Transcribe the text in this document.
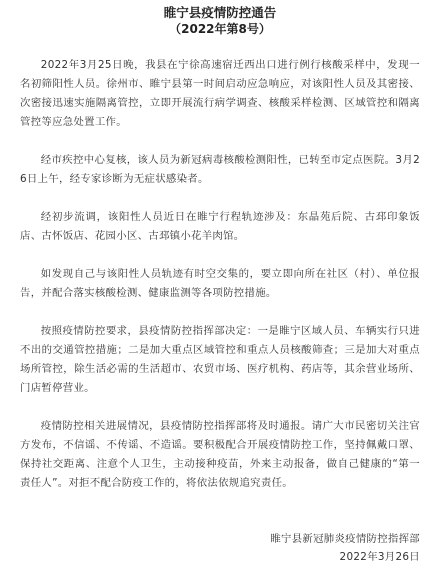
睢宁县疫情防控通告
（2022年第8号）

2022年3月25日晚，我县在宁徐高速宿迁西出口进行例行核酸采样中，发现一名初筛阳性人员。徐州市、睢宁县第一时间启动应急响应，对该阳性人员及其密接、次密接迅速实施隔离管控，立即开展流行病学调查、核酸采样检测、区域管控和隔离管控等应急处置工作。

经市疾控中心复核，该人员为新冠病毒核酸检测阳性，已转至市定点医院。3月26日上午，经专家诊断为无症状感染者。

经初步流调，该阳性人员近日在睢宁行程轨迹涉及：东晶苑后院、古邳印象饭店、古怀饭店、花园小区、古邳镇小花羊肉馆。

如发现自己与该阳性人员轨迹有时空交集的，要立即向所在社区（村）、单位报告，并配合落实核酸检测、健康监测等各项防控措施。

按照疫情防控要求，县疫情防控指挥部决定：一是睢宁区域人员、车辆实行只进不出的交通管控措施；二是加大重点区域管控和重点人员核酸筛查；三是加大对重点场所管控，除生活必需的生活超市、农贸市场、医疗机构、药店等，其余营业场所、门店暂停营业。

疫情防控相关进展情况，县疫情防控指挥部将及时通报。请广大市民密切关注官方发布，不信谣、不传谣、不造谣。要积极配合开展疫情防控工作，坚持佩戴口罩、保持社交距离、注意个人卫生，主动接种疫苗，外来主动报备，做自己健康的“第一责任人”。对拒不配合防疫工作的，将依法依规追究责任。

睢宁县新冠肺炎疫情防控指挥部
2022年3月26日
